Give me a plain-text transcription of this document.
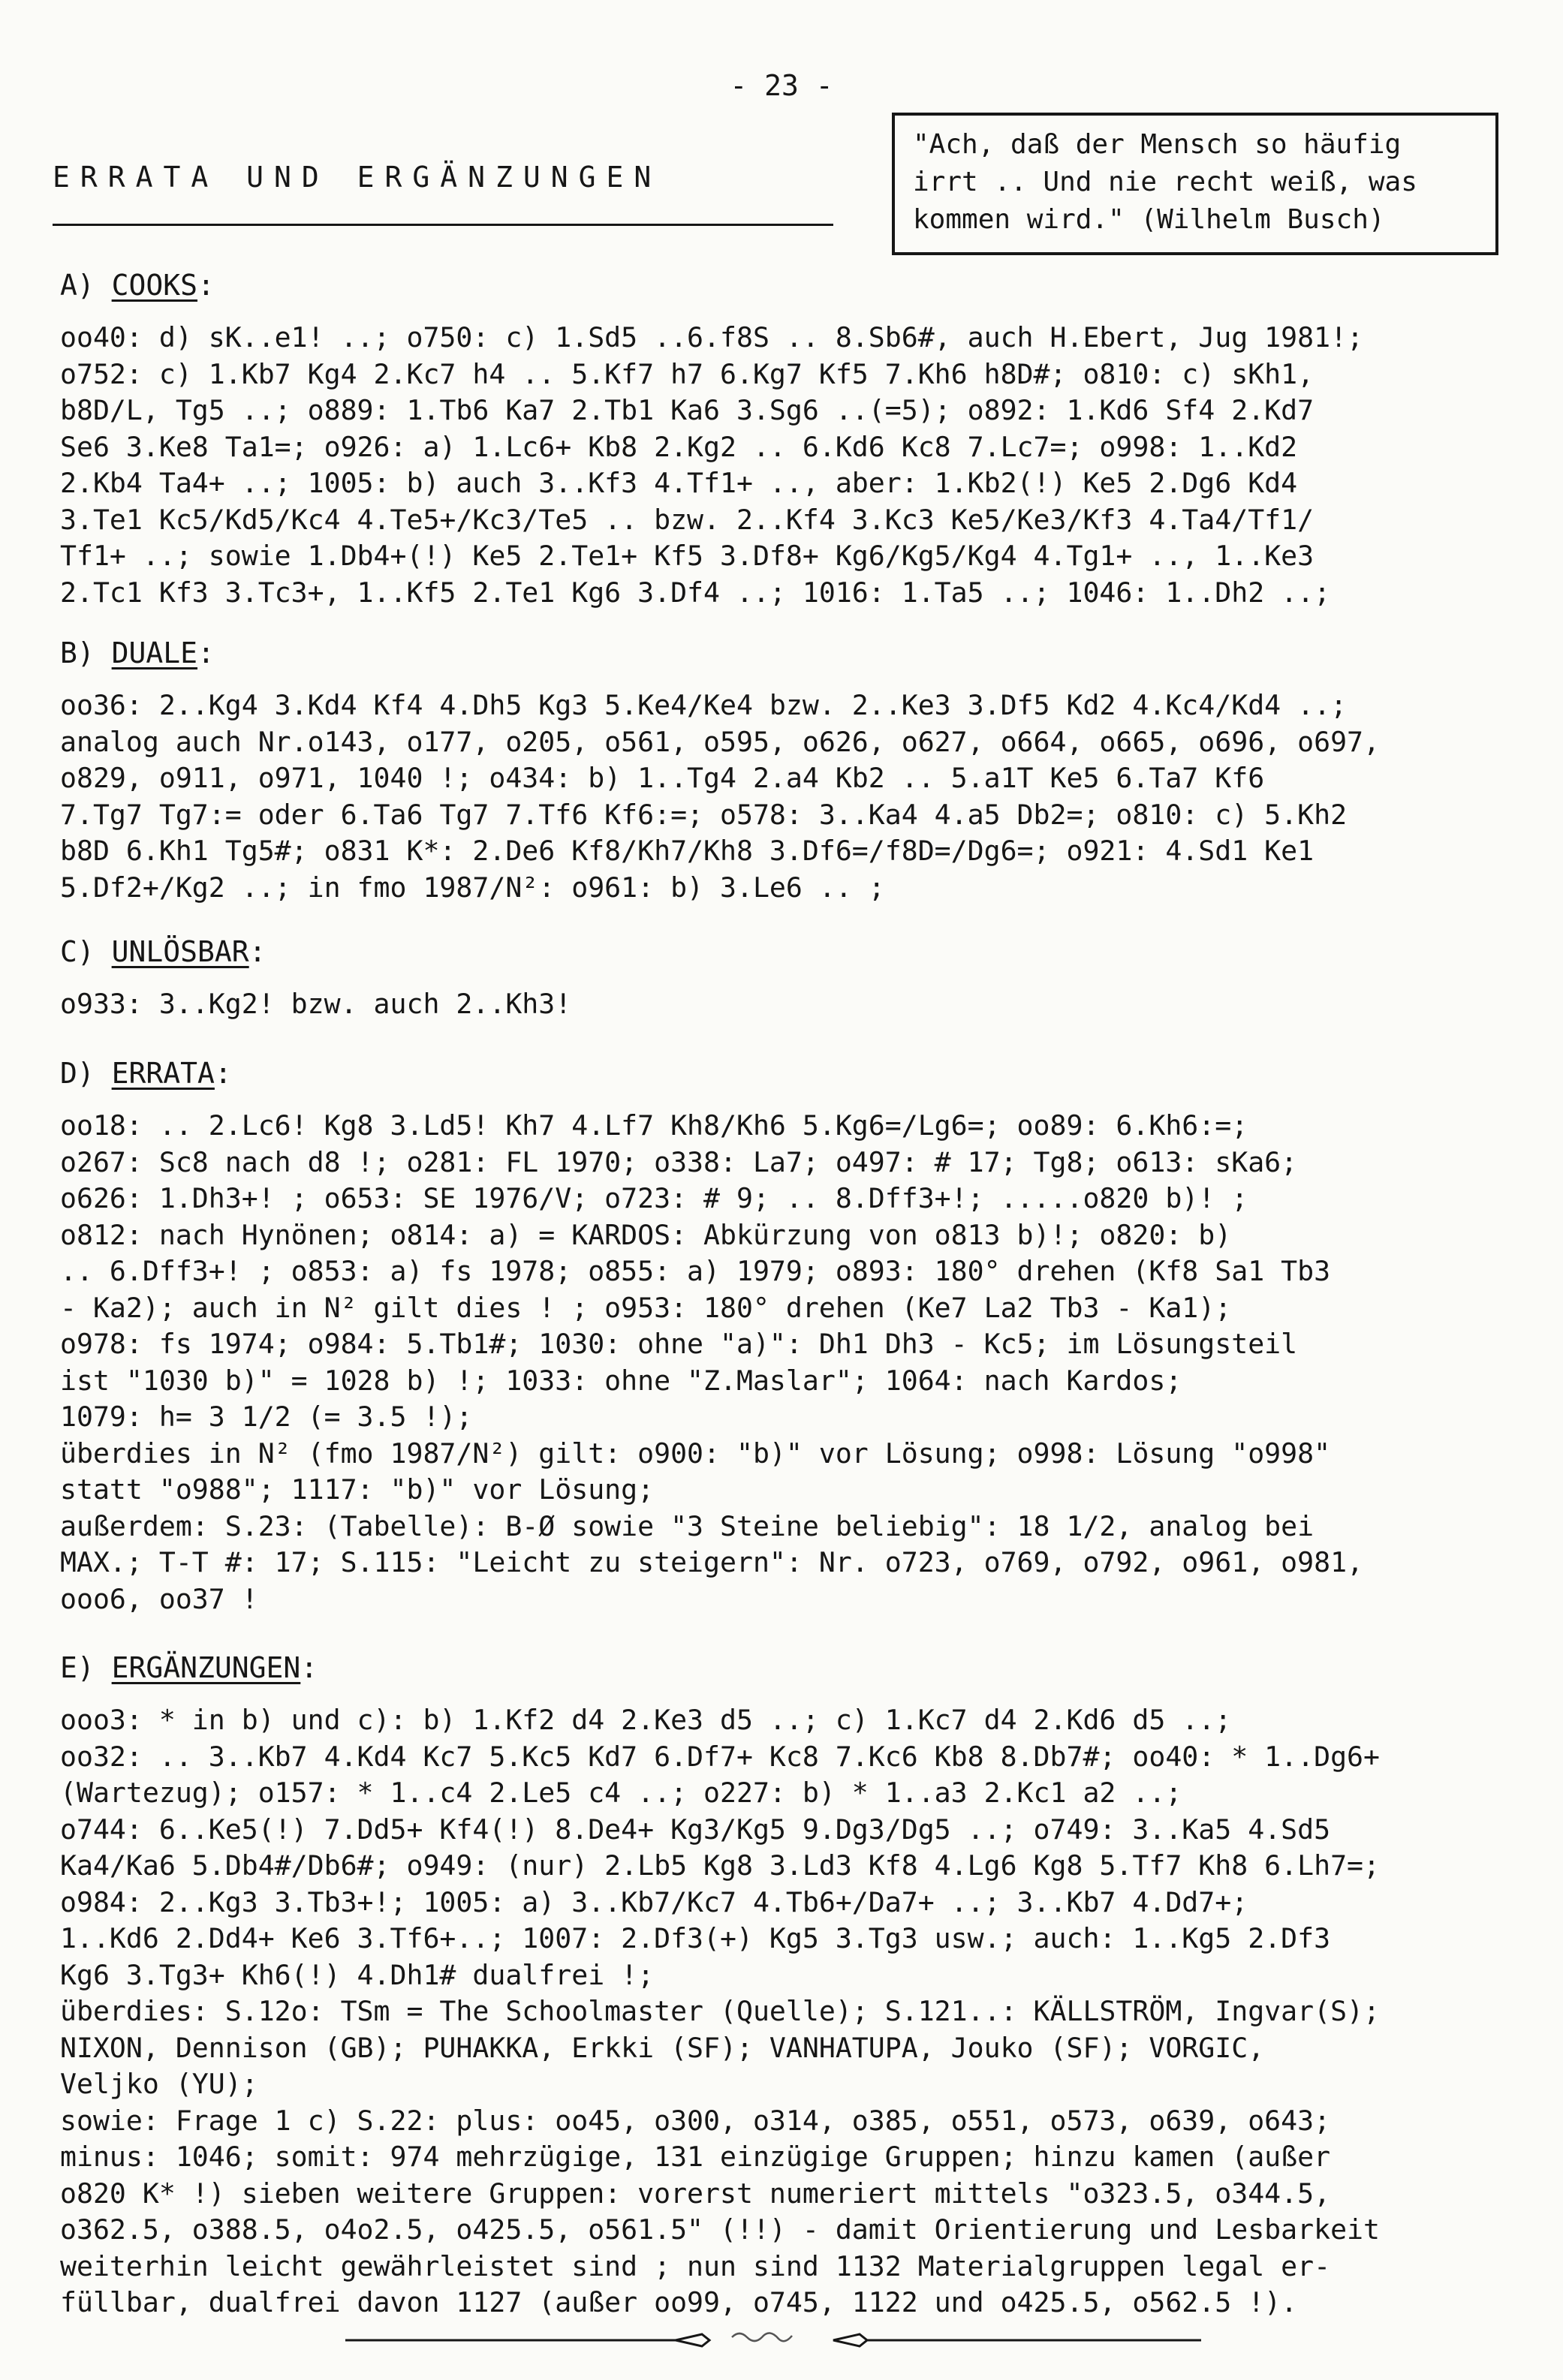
- 23 -
ERRATA UND ERGÄNZUNGEN
"Ach, daß der Mensch so häufig
irrt .. Und nie recht weiß, was
kommen wird." (Wilhelm Busch)
A) COOKS:
oo40: d) sK..e1! ..; o750: c) 1.Sd5 ..6.f8S .. 8.Sb6#, auch H.Ebert, Jug 1981!;
o752: c) 1.Kb7 Kg4 2.Kc7 h4 .. 5.Kf7 h7 6.Kg7 Kf5 7.Kh6 h8D#; o810: c) sKh1,
b8D/L, Tg5 ..; o889: 1.Tb6 Ka7 2.Tb1 Ka6 3.Sg6 ..(=5); o892: 1.Kd6 Sf4 2.Kd7
Se6 3.Ke8 Ta1=; o926: a) 1.Lc6+ Kb8 2.Kg2 .. 6.Kd6 Kc8 7.Lc7=; o998: 1..Kd2
2.Kb4 Ta4+ ..; 1005: b) auch 3..Kf3 4.Tf1+ .., aber: 1.Kb2(!) Ke5 2.Dg6 Kd4
3.Te1 Kc5/Kd5/Kc4 4.Te5+/Kc3/Te5 .. bzw. 2..Kf4 3.Kc3 Ke5/Ke3/Kf3 4.Ta4/Tf1/
Tf1+ ..; sowie 1.Db4+(!) Ke5 2.Te1+ Kf5 3.Df8+ Kg6/Kg5/Kg4 4.Tg1+ .., 1..Ke3
2.Tc1 Kf3 3.Tc3+, 1..Kf5 2.Te1 Kg6 3.Df4 ..; 1016: 1.Ta5 ..; 1046: 1..Dh2 ..;
B) DUALE:
oo36: 2..Kg4 3.Kd4 Kf4 4.Dh5 Kg3 5.Ke4/Ke4 bzw. 2..Ke3 3.Df5 Kd2 4.Kc4/Kd4 ..;
analog auch Nr.o143, o177, o205, o561, o595, o626, o627, o664, o665, o696, o697,
o829, o911, o971, 1040 !; o434: b) 1..Tg4 2.a4 Kb2 .. 5.a1T Ke5 6.Ta7 Kf6
7.Tg7 Tg7:= oder 6.Ta6 Tg7 7.Tf6 Kf6:=; o578: 3..Ka4 4.a5 Db2=; o810: c) 5.Kh2
b8D 6.Kh1 Tg5#; o831 K*: 2.De6 Kf8/Kh7/Kh8 3.Df6=/f8D=/Dg6=; o921: 4.Sd1 Ke1
5.Df2+/Kg2 ..; in fmo 1987/N²: o961: b) 3.Le6 .. ;
C) UNLÖSBAR:
o933: 3..Kg2! bzw. auch 2..Kh3!
D) ERRATA:
oo18: .. 2.Lc6! Kg8 3.Ld5! Kh7 4.Lf7 Kh8/Kh6 5.Kg6=/Lg6=; oo89: 6.Kh6:=;
o267: Sc8 nach d8 !; o281: FL 1970; o338: La7; o497: # 17; Tg8; o613: sKa6;
o626: 1.Dh3+! ; o653: SE 1976/V; o723: # 9; .. 8.Dff3+!; .....o820 b)! ;
o812: nach Hynönen; o814: a) = KARDOS: Abkürzung von o813 b)!; o820: b)
.. 6.Dff3+! ; o853: a) fs 1978; o855: a) 1979; o893: 180° drehen (Kf8 Sa1 Tb3
- Ka2); auch in N² gilt dies ! ; o953: 180° drehen (Ke7 La2 Tb3 - Ka1);
o978: fs 1974; o984: 5.Tb1#; 1030: ohne "a)": Dh1 Dh3 - Kc5; im Lösungsteil
ist "1030 b)" = 1028 b) !; 1033: ohne "Z.Maslar"; 1064: nach Kardos;
1079: h= 3 1/2 (= 3.5 !);
überdies in N² (fmo 1987/N²) gilt: o900: "b)" vor Lösung; o998: Lösung "o998"
statt "o988"; 1117: "b)" vor Lösung;
außerdem: S.23: (Tabelle): B-Ø sowie "3 Steine beliebig": 18 1/2, analog bei
MAX.; T-T #: 17; S.115: "Leicht zu steigern": Nr. o723, o769, o792, o961, o981,
ooo6, oo37 !
E) ERGÄNZUNGEN:
ooo3: * in b) und c): b) 1.Kf2 d4 2.Ke3 d5 ..; c) 1.Kc7 d4 2.Kd6 d5 ..;
oo32: .. 3..Kb7 4.Kd4 Kc7 5.Kc5 Kd7 6.Df7+ Kc8 7.Kc6 Kb8 8.Db7#; oo40: * 1..Dg6+
(Wartezug); o157: * 1..c4 2.Le5 c4 ..; o227: b) * 1..a3 2.Kc1 a2 ..;
o744: 6..Ke5(!) 7.Dd5+ Kf4(!) 8.De4+ Kg3/Kg5 9.Dg3/Dg5 ..; o749: 3..Ka5 4.Sd5
Ka4/Ka6 5.Db4#/Db6#; o949: (nur) 2.Lb5 Kg8 3.Ld3 Kf8 4.Lg6 Kg8 5.Tf7 Kh8 6.Lh7=;
o984: 2..Kg3 3.Tb3+!; 1005: a) 3..Kb7/Kc7 4.Tb6+/Da7+ ..; 3..Kb7 4.Dd7+;
1..Kd6 2.Dd4+ Ke6 3.Tf6+..; 1007: 2.Df3(+) Kg5 3.Tg3 usw.; auch: 1..Kg5 2.Df3
Kg6 3.Tg3+ Kh6(!) 4.Dh1# dualfrei !;
überdies: S.12o: TSm = The Schoolmaster (Quelle); S.121..: KÄLLSTRÖM, Ingvar(S);
NIXON, Dennison (GB); PUHAKKA, Erkki (SF); VANHATUPA, Jouko (SF); VORGIC,
Veljko (YU);
sowie: Frage 1 c) S.22: plus: oo45, o300, o314, o385, o551, o573, o639, o643;
minus: 1046; somit: 974 mehrzügige, 131 einzügige Gruppen; hinzu kamen (außer
o820 K* !) sieben weitere Gruppen: vorerst numeriert mittels "o323.5, o344.5,
o362.5, o388.5, o4o2.5, o425.5, o561.5" (!!) - damit Orientierung und Lesbarkeit
weiterhin leicht gewährleistet sind ; nun sind 1132 Materialgruppen legal er-
füllbar, dualfrei davon 1127 (außer oo99, o745, 1122 und o425.5, o562.5 !).
